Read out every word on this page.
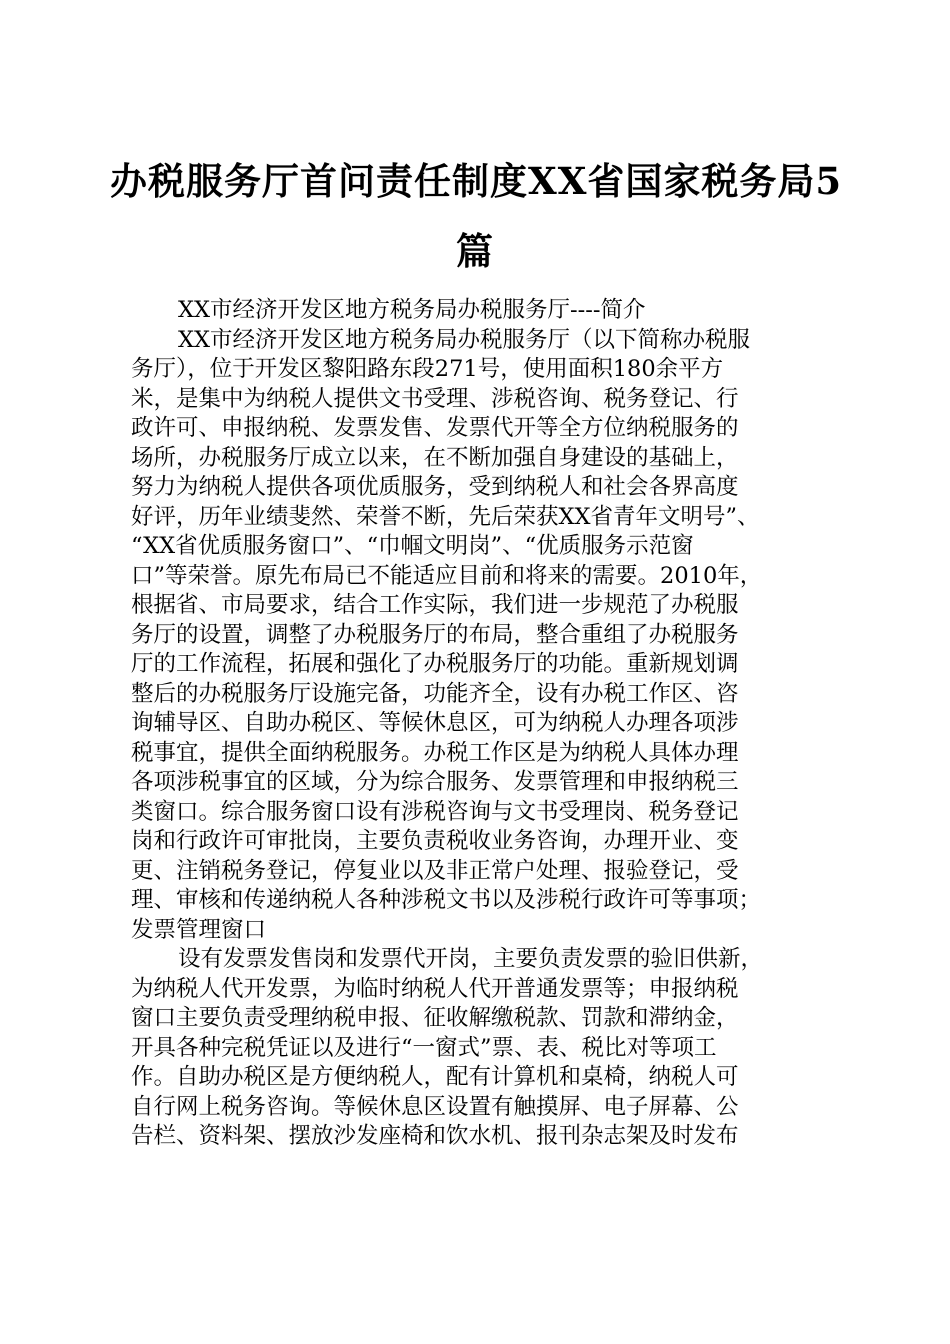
办税服务厅首问责任制度XX省国家税务局5
篇
XX市经济开发区地方税务局办税服务厅----简介
XX市经济开发区地方税务局办税服务厅（以下简称办税服
务厅），位于开发区黎阳路东段271号，使用面积180余平方
米，是集中为纳税人提供文书受理、涉税咨询、税务登记、行
政许可、申报纳税、发票发售、发票代开等全方位纳税服务的
场所，办税服务厅成立以来，在不断加强自身建设的基础上，
努力为纳税人提供各项优质服务，受到纳税人和社会各界高度
好评，历年业绩斐然、荣誉不断，先后荣获XX省青年文明号”、
“XX省优质服务窗口”、“巾帼文明岗”、“优质服务示范窗
口”等荣誉。原先布局已不能适应目前和将来的需要。2010年，
根据省、市局要求，结合工作实际，我们进一步规范了办税服
务厅的设置，调整了办税服务厅的布局，整合重组了办税服务
厅的工作流程，拓展和强化了办税服务厅的功能。重新规划调
整后的办税服务厅设施完备，功能齐全，设有办税工作区、咨
询辅导区、自助办税区、等候休息区，可为纳税人办理各项涉
税事宜，提供全面纳税服务。办税工作区是为纳税人具体办理
各项涉税事宜的区域，分为综合服务、发票管理和申报纳税三
类窗口。综合服务窗口设有涉税咨询与文书受理岗、税务登记
岗和行政许可审批岗，主要负责税收业务咨询，办理开业、变
更、注销税务登记，停复业以及非正常户处理、报验登记，受
理、审核和传递纳税人各种涉税文书以及涉税行政许可等事项；
发票管理窗口
设有发票发售岗和发票代开岗，主要负责发票的验旧供新，
为纳税人代开发票，为临时纳税人代开普通发票等；申报纳税
窗口主要负责受理纳税申报、征收解缴税款、罚款和滞纳金，
开具各种完税凭证以及进行“一窗式”票、表、税比对等项工
作。自助办税区是方便纳税人，配有计算机和桌椅，纳税人可
自行网上税务咨询。等候休息区设置有触摸屏、电子屏幕、公
告栏、资料架、摆放沙发座椅和饮水机、报刊杂志架及时发布
